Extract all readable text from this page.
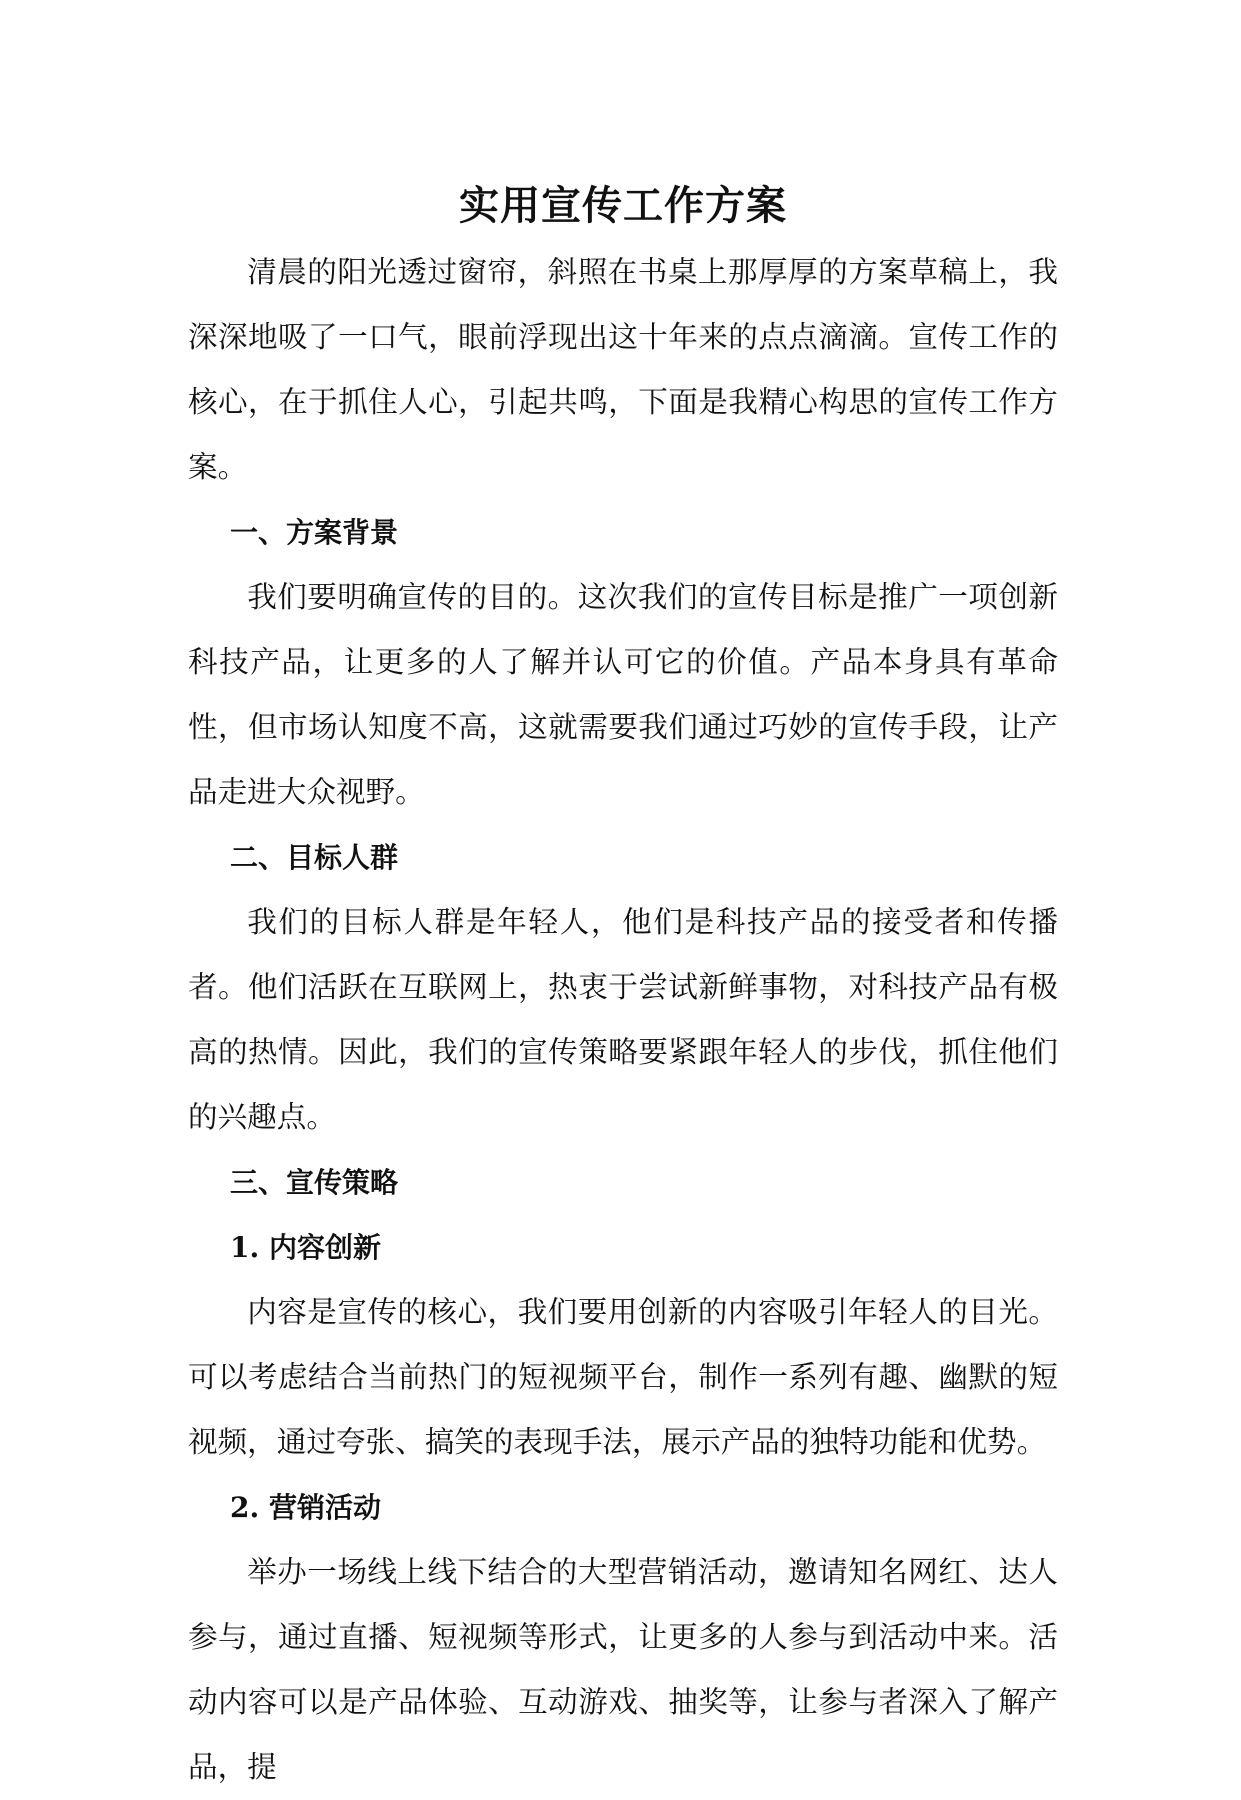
实用宣传工作方案

清晨的阳光透过窗帘，斜照在书桌上那厚厚的方案草稿上，我深深地吸了一口气，眼前浮现出这十年来的点点滴滴。宣传工作的核心，在于抓住人心，引起共鸣，下面是我精心构思的宣传工作方案。

一、方案背景

我们要明确宣传的目的。这次我们的宣传目标是推广一项创新科技产品，让更多的人了解并认可它的价值。产品本身具有革命性，但市场认知度不高，这就需要我们通过巧妙的宣传手段，让产品走进大众视野。

二、目标人群

我们的目标人群是年轻人，他们是科技产品的接受者和传播者。他们活跃在互联网上，热衷于尝试新鲜事物，对科技产品有极高的热情。因此，我们的宣传策略要紧跟年轻人的步伐，抓住他们的兴趣点。

三、宣传策略
1. 内容创新

内容是宣传的核心，我们要用创新的内容吸引年轻人的目光。可以考虑结合当前热门的短视频平台，制作一系列有趣、幽默的短视频，通过夸张、搞笑的表现手法，展示产品的独特功能和优势。

2. 营销活动

举办一场线上线下结合的大型营销活动，邀请知名网红、达人参与，通过直播、短视频等形式，让更多的人参与到活动中来。活动内容可以是产品体验、互动游戏、抽奖等，让参与者深入了解产品，提
